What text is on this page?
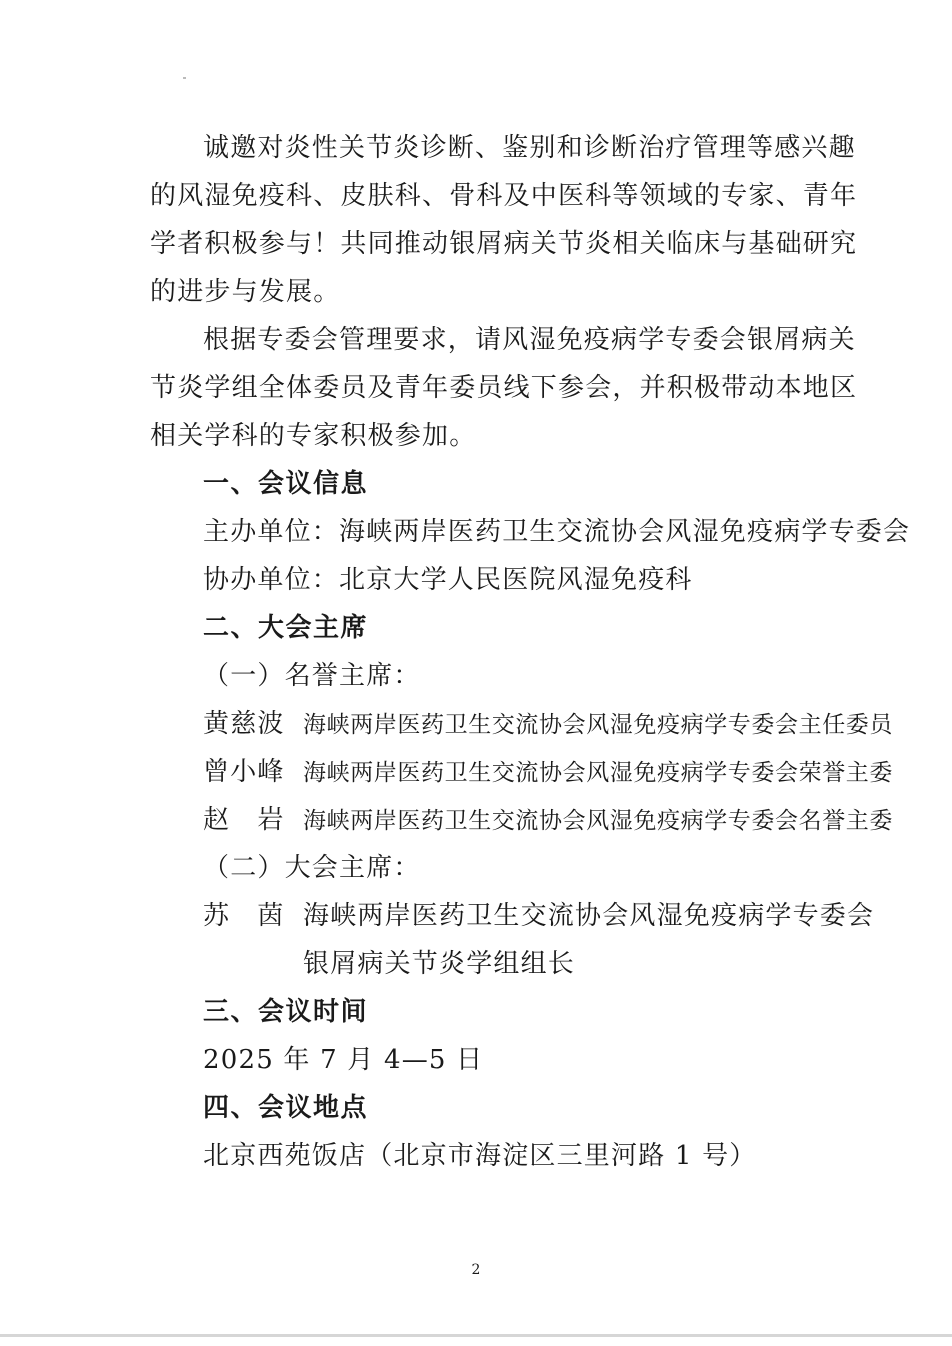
诚邀对炎性关节炎诊断、鉴别和诊断治疗管理等感兴趣

的风湿免疫科、皮肤科、骨科及中医科等领域的专家、青年

学者积极参与！共同推动银屑病关节炎相关临床与基础研究

的进步与发展。

根据专委会管理要求，请风湿免疫病学专委会银屑病关

节炎学组全体委员及青年委员线下参会，并积极带动本地区

相关学科的专家积极参加。

一、会议信息

主办单位：海峡两岸医药卫生交流协会风湿免疫病学专委会

协办单位：北京大学人民医院风湿免疫科

二、大会主席

（一）名誉主席：

黄慈波 海峡两岸医药卫生交流协会风湿免疫病学专委会主任委员

曾小峰 海峡两岸医药卫生交流协会风湿免疫病学专委会荣誉主委

赵　岩 海峡两岸医药卫生交流协会风湿免疫病学专委会名誉主委

（二）大会主席：

苏　茵 海峡两岸医药卫生交流协会风湿免疫病学专委会

银屑病关节炎学组组长

三、会议时间

2025 年 7 月 4—5 日

四、会议地点

北京西苑饭店（北京市海淀区三里河路 1 号）

2
